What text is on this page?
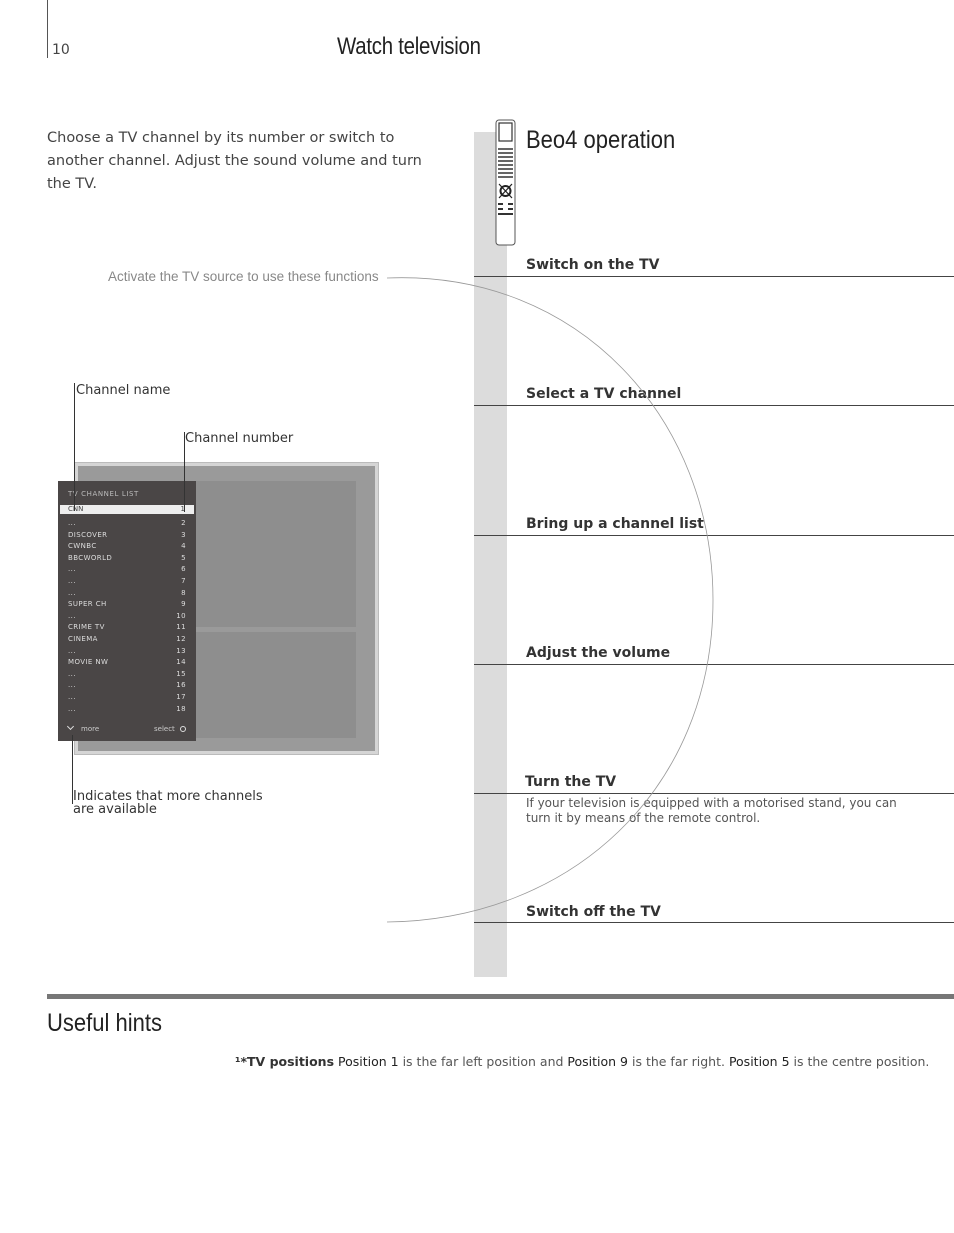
10	Watch television
Choose a TV channel by its number or switch to another channel. Adjust the sound volume and turn the TV.
Activate the TV source to use these functions
Beo4 operation
Switch on the TV
Select a TV channel
Bring up a channel list
Adjust the volume
Turn the TV
If your television is equipped with a motorised stand, you can turn it by means of the remote control.
Switch off the TV
TV CHANNEL LIST
CNN	1
...	2
DISCOVER	3
CWNBC	4
BBCWORLD	5
...	6
...	7
...	8
SUPER CH	9
...	10
CRIME TV	11
CINEMA	12
...	13
MOVIE NW	14
...	15
...	16
...	17
...	18
more	select
Channel name
Channel number
Indicates that more channels are available
Useful hints
¹*TV positions Position 1 is the far left position and Position 9 is the far right. Position 5 is the centre position.
